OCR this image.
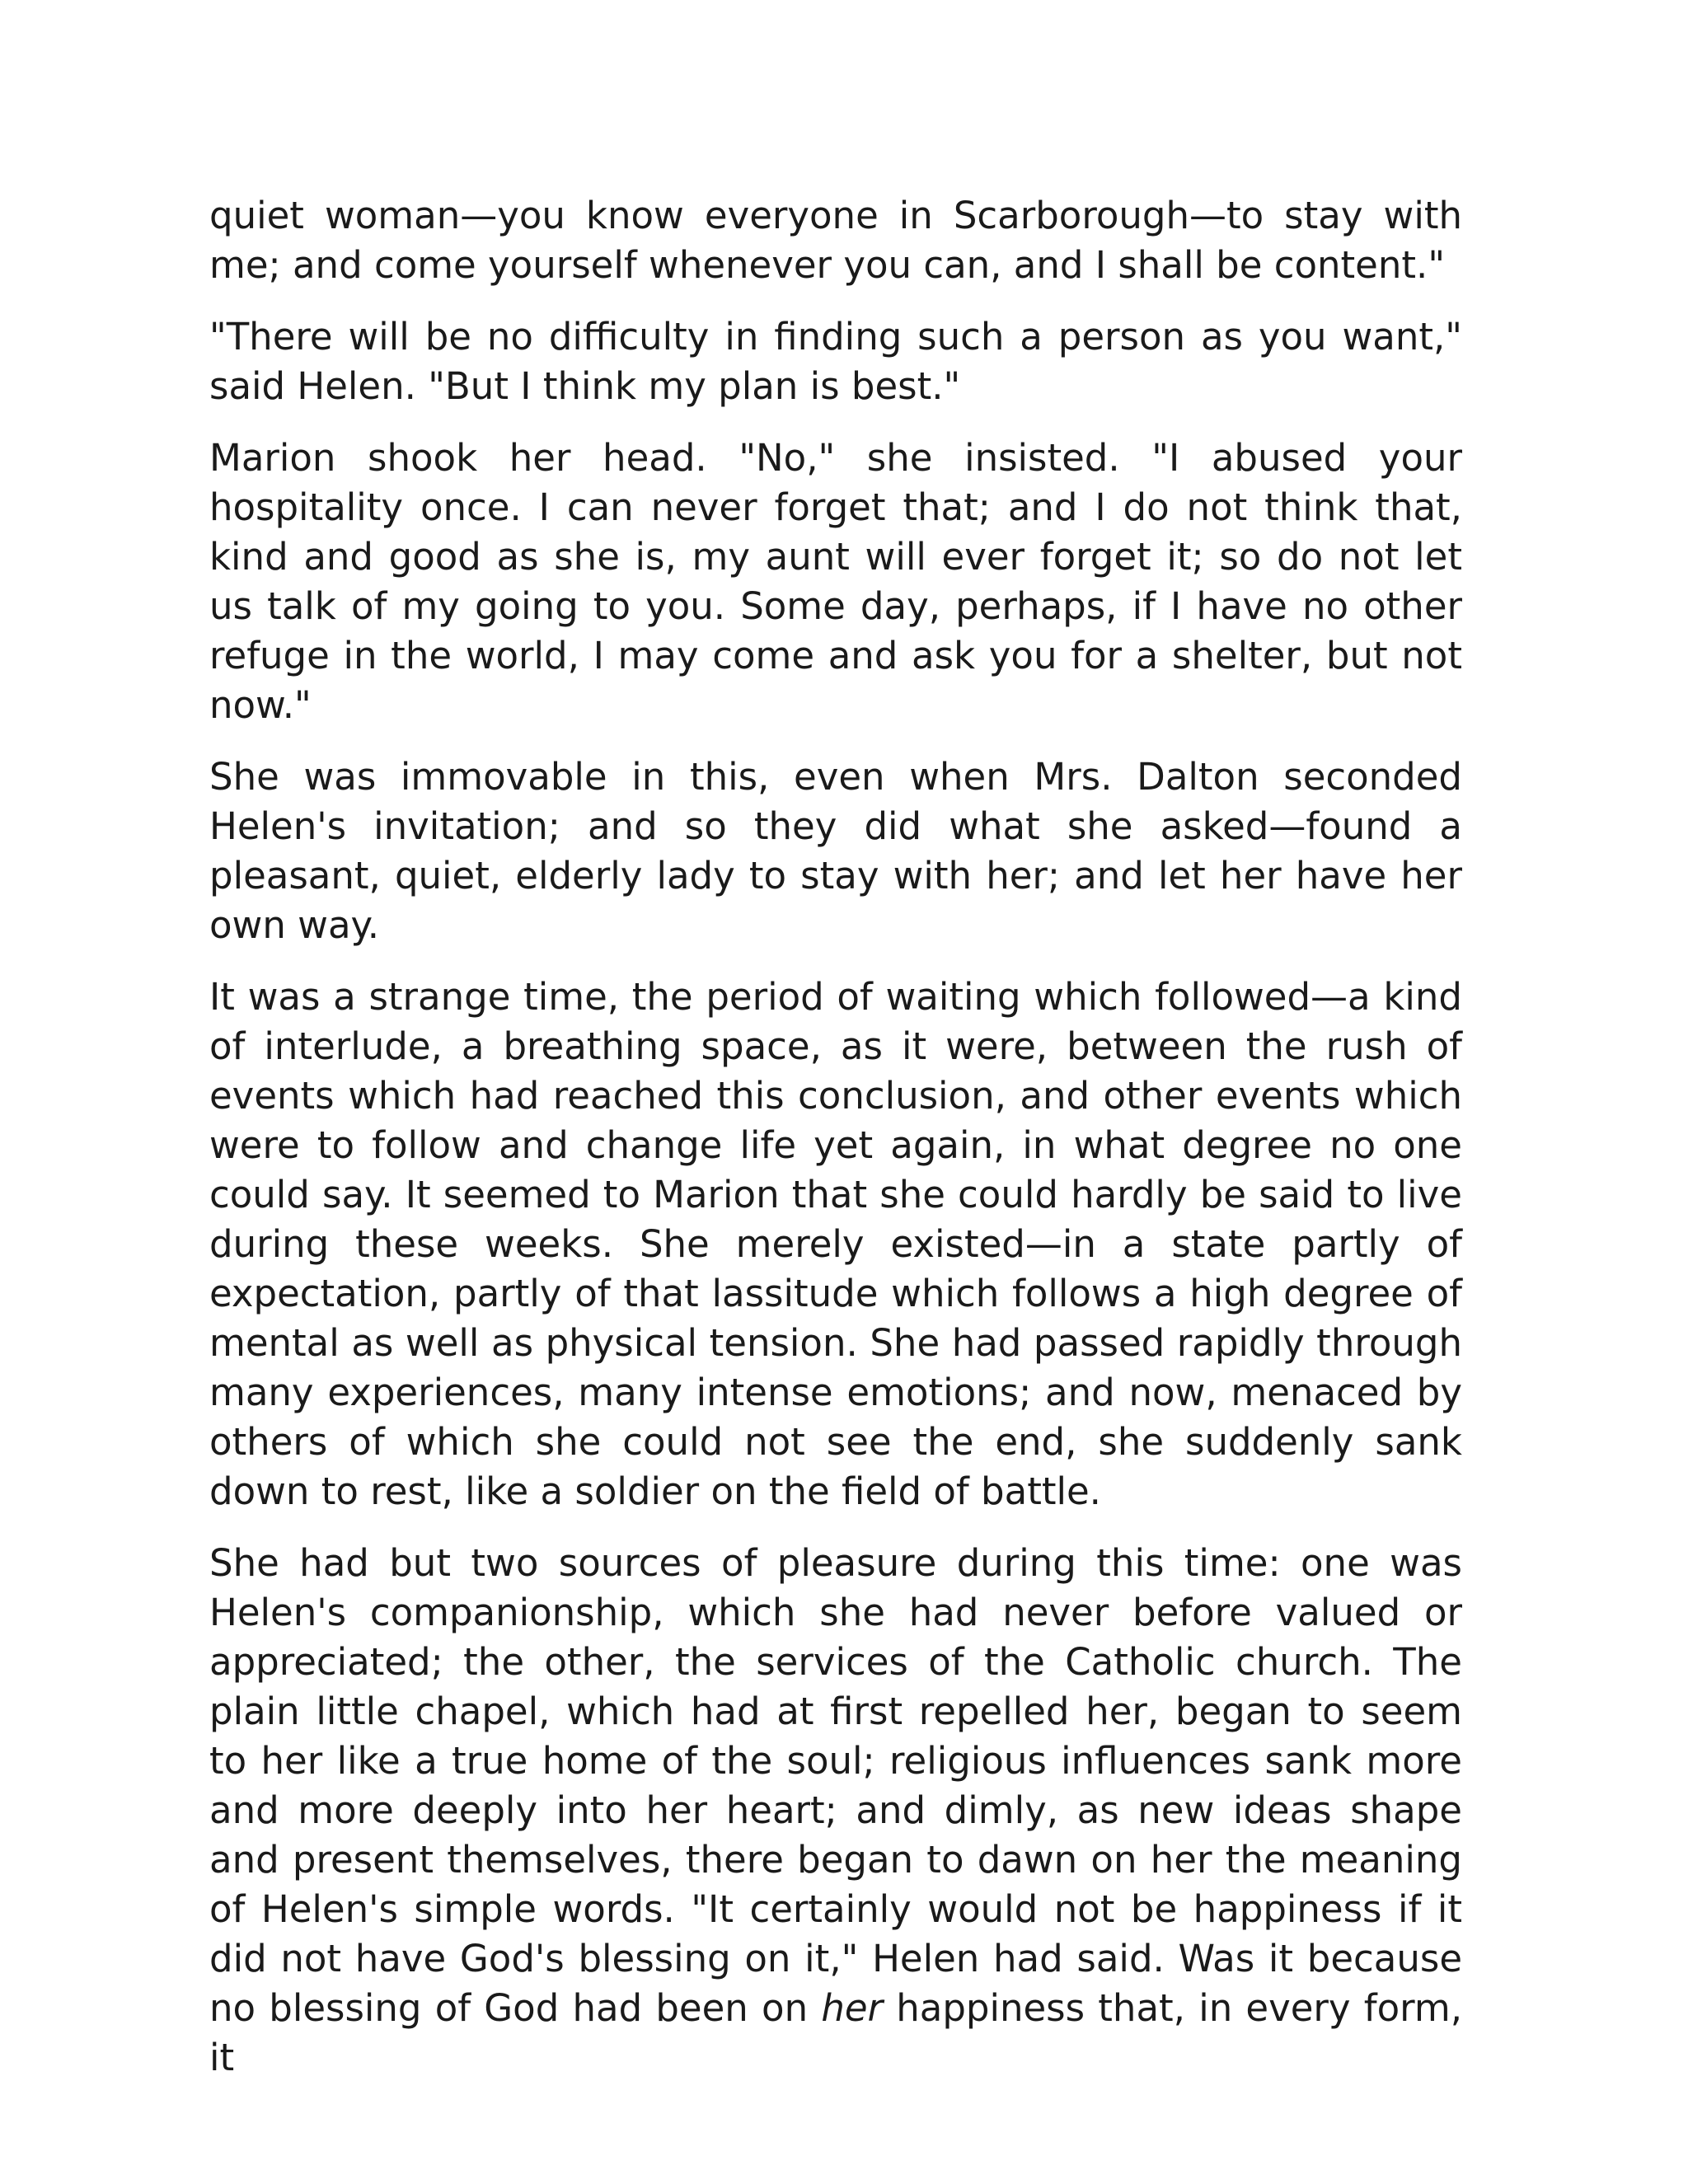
quiet woman—you know everyone in Scarborough—to stay with me; and come yourself whenever you can, and I shall be content."

"There will be no difficulty in finding such a person as you want," said Helen. "But I think my plan is best."

Marion shook her head. "No," she insisted. "I abused your hospitality once. I can never forget that; and I do not think that, kind and good as she is, my aunt will ever forget it; so do not let us talk of my going to you. Some day, perhaps, if I have no other refuge in the world, I may come and ask you for a shelter, but not now."

She was immovable in this, even when Mrs. Dalton seconded Helen's invitation; and so they did what she asked—found a pleasant, quiet, elderly lady to stay with her; and let her have her own way.

It was a strange time, the period of waiting which followed—a kind of interlude, a breathing space, as it were, between the rush of events which had reached this conclusion, and other events which were to follow and change life yet again, in what degree no one could say. It seemed to Marion that she could hardly be said to live during these weeks. She merely existed—in a state partly of expectation, partly of that lassitude which follows a high degree of mental as well as physical tension. She had passed rapidly through many experiences, many intense emotions; and now, menaced by others of which she could not see the end, she suddenly sank down to rest, like a soldier on the field of battle.

She had but two sources of pleasure during this time: one was Helen's companionship, which she had never before valued or appreciated; the other, the services of the Catholic church. The plain little chapel, which had at first repelled her, began to seem to her like a true home of the soul; religious influences sank more and more deeply into her heart; and dimly, as new ideas shape and present themselves, there began to dawn on her the meaning of Helen's simple words. "It certainly would not be happiness if it did not have God's blessing on it," Helen had said. Was it because no blessing of God had been on her happiness that, in every form, it
